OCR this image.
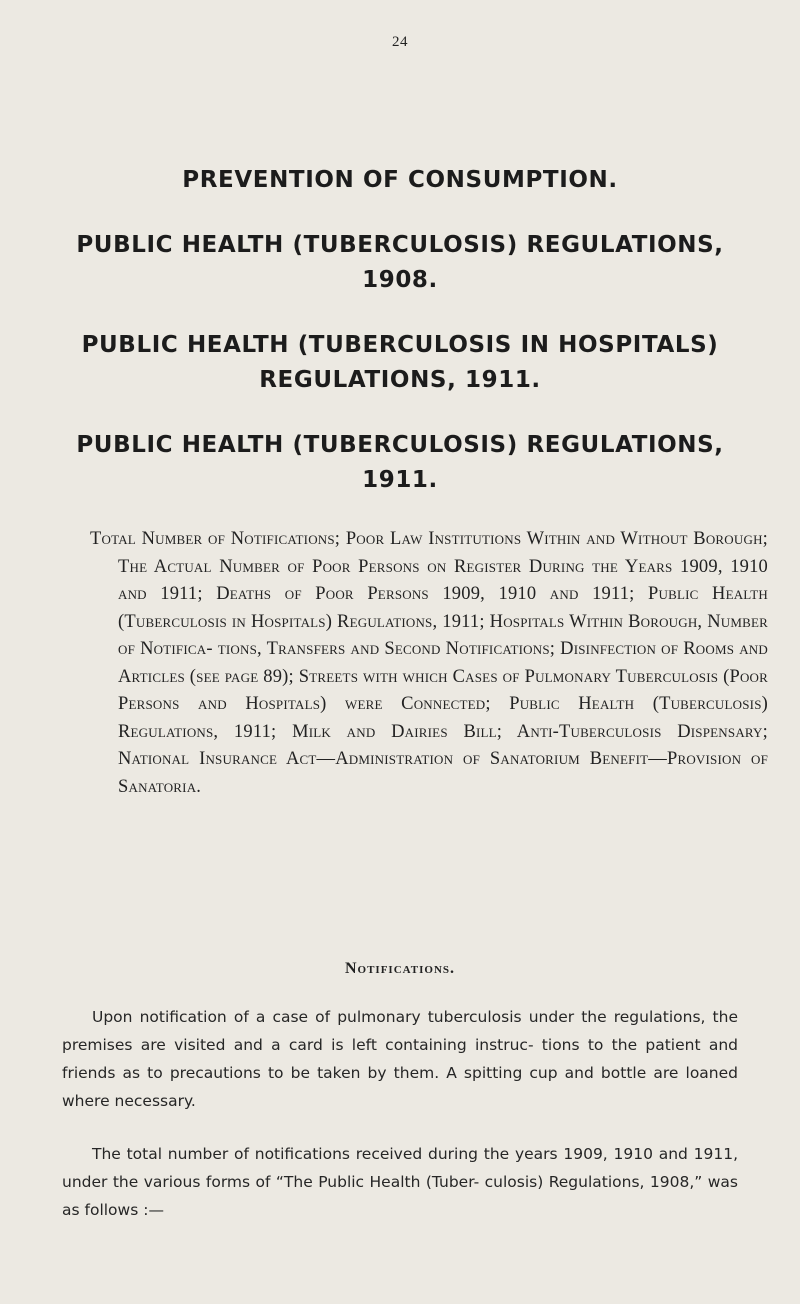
24
PREVENTION OF CONSUMPTION.
PUBLIC HEALTH (TUBERCULOSIS) REGULATIONS, 1908.
PUBLIC HEALTH (TUBERCULOSIS IN HOSPITALS) REGULATIONS, 1911.
PUBLIC HEALTH (TUBERCULOSIS) REGULATIONS, 1911.

Total Number of Notifications; Poor Law Institutions Within and Without Borough; The Actual Number of Poor Persons on Register During the Years 1909, 1910 and 1911; Deaths of Poor Persons 1909, 1910 and 1911; Public Health (Tuberculosis in Hospitals) Regulations, 1911; Hospitals Within Borough, Number of Notifica- tions, Transfers and Second Notifications; Disinfection of Rooms and Articles (see page 89); Streets with which Cases of Pulmonary Tuberculosis (Poor Persons and Hospitals) were Connected; Public Health (Tuberculosis) Regulations, 1911; Milk and Dairies Bill; Anti-Tuberculosis Dispensary; National Insurance Act—Administration of Sanatorium Benefit—Provision of Sanatoria.

Notifications.

Upon notification of a case of pulmonary tuberculosis under the regulations, the premises are visited and a card is left containing instruc- tions to the patient and friends as to precautions to be taken by them. A spitting cup and bottle are loaned where necessary.

The total number of notifications received during the years 1909, 1910 and 1911, under the various forms of “The Public Health (Tuber- culosis) Regulations, 1908,” was as follows :—
